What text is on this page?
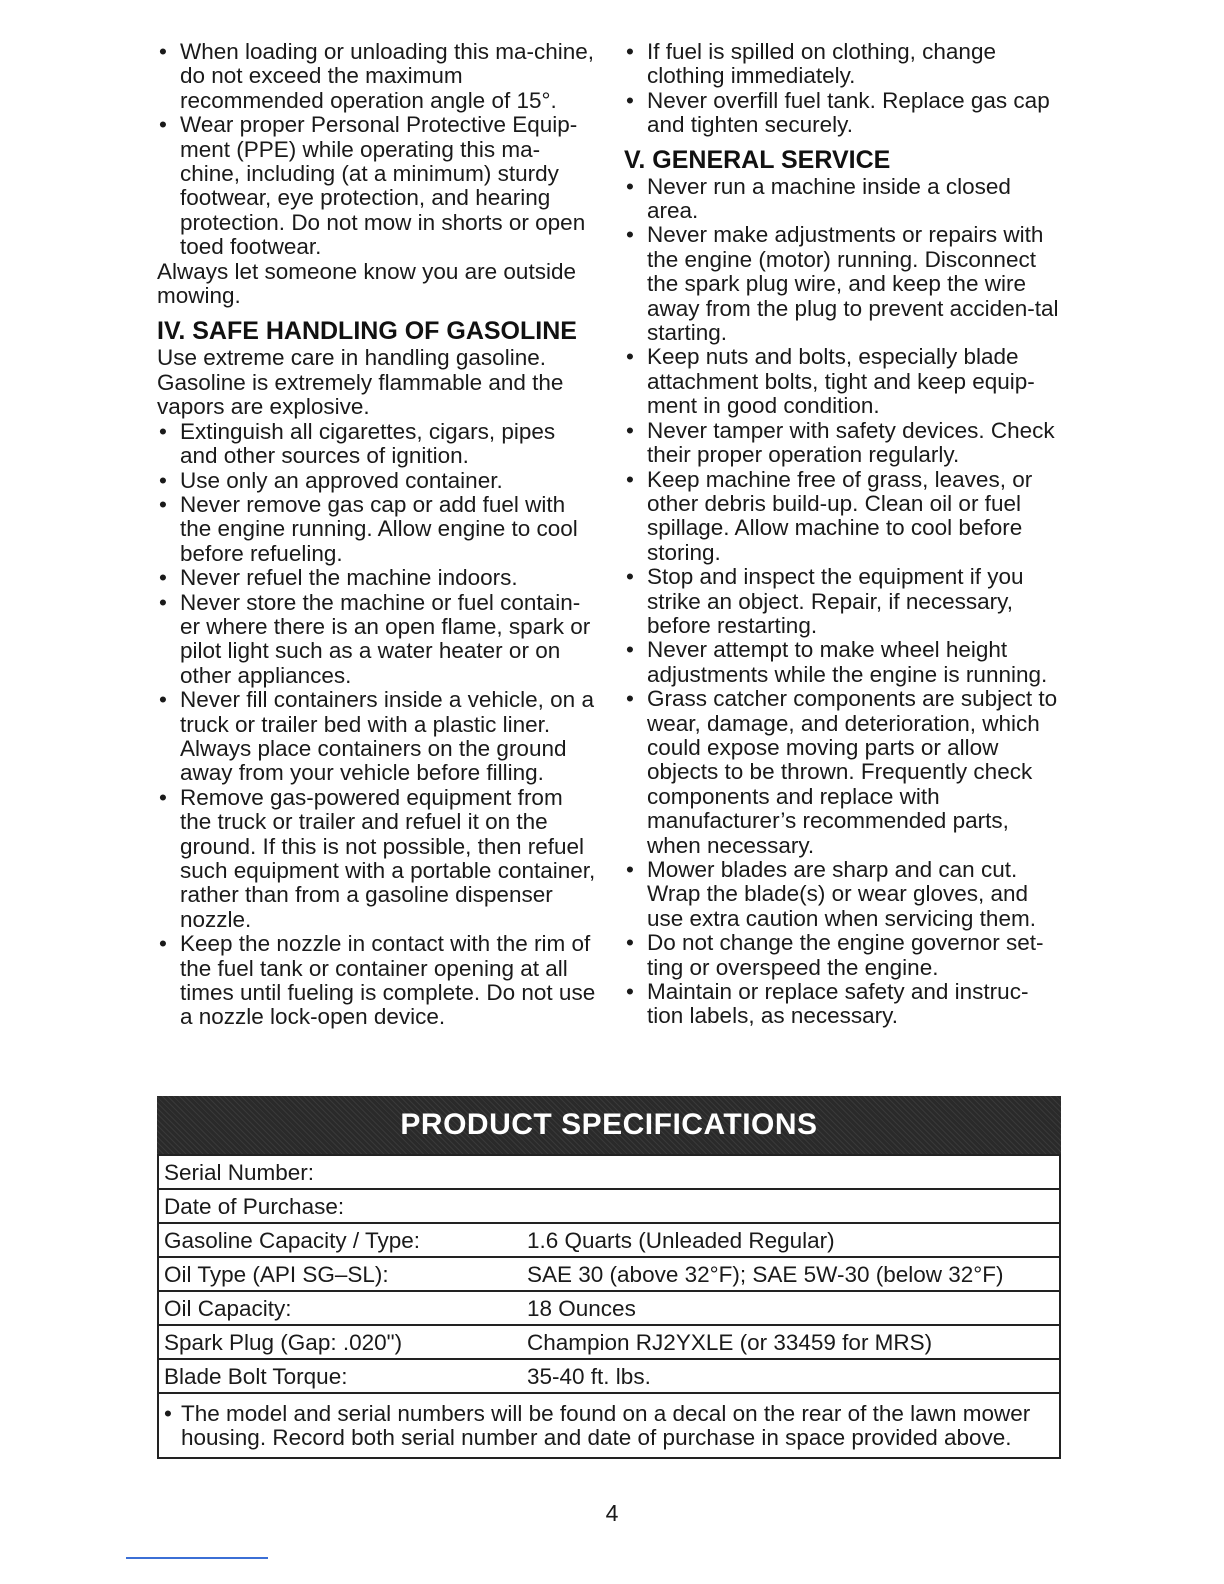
• When loading or unloading this ma-chine, do not exceed the maximum recommended operation angle of 15°.
• Wear proper Personal Protective Equip-ment (PPE) while operating this ma-chine, including (at a minimum) sturdy footwear, eye protection, and hearing protection. Do not mow in shorts or open toed footwear.

Always let someone know you are outside mowing.

IV. SAFE HANDLING OF GASOLINE

Use extreme care in handling gasoline. Gasoline is extremely flammable and the vapors are explosive.

• Extinguish all cigarettes, cigars, pipes and other sources of ignition.
• Use only an approved container.
• Never remove gas cap or add fuel with the engine running. Allow engine to cool before refueling.
• Never refuel the machine indoors.
• Never store the machine or fuel contain-er where there is an open flame, spark or pilot light such as a water heater or on other appliances.
• Never fill containers inside a vehicle, on a truck or trailer bed with a plastic liner. Always place containers on the ground away from your vehicle before filling.
• Remove gas-powered equipment from the truck or trailer and refuel it on the ground. If this is not possible, then refuel such equipment with a portable container, rather than from a gasoline dispenser nozzle.
• Keep the nozzle in contact with the rim of the fuel tank or container opening at all times until fueling is complete. Do not use a nozzle lock-open device.
• If fuel is spilled on clothing, change clothing immediately.
• Never overfill fuel tank. Replace gas cap and tighten securely.
V. GENERAL SERVICE
• Never run a machine inside a closed area.
• Never make adjustments or repairs with the engine (motor) running. Disconnect the spark plug wire, and keep the wire away from the plug to prevent acciden-tal starting.
• Keep nuts and bolts, especially blade attachment bolts, tight and keep equip-ment in good condition.
• Never tamper with safety devices. Check their proper operation regularly.
• Keep machine free of grass, leaves, or other debris build-up. Clean oil or fuel spillage. Allow machine to cool before storing.
• Stop and inspect the equipment if you strike an object. Repair, if necessary, before restarting.
• Never attempt to make wheel height adjustments while the engine is running.
• Grass catcher components are subject to wear, damage, and deterioration, which could expose moving parts or allow objects to be thrown. Frequently check components and replace with manufacturer’s recommended parts, when necessary.
• Mower blades are sharp and can cut. Wrap the blade(s) or wear gloves, and use extra caution when servicing them.
• Do not change the engine governor set-ting or overspeed the engine.
• Maintain or replace safety and instruc-tion labels, as necessary.
PRODUCT SPECIFICATIONS
Serial Number:	
Date of Purchase:	
Gasoline Capacity / Type:	1.6 Quarts (Unleaded Regular)
Oil Type (API SG–SL):	SAE 30 (above 32°F); SAE 5W-30 (below 32°F)
Oil Capacity:	18 Ounces
Spark Plug (Gap: .020")	Champion RJ2YXLE (or 33459 for MRS)
Blade Bolt Torque:	35-40 ft. lbs.
• The model and serial numbers will be found on a decal on the rear of the lawn mower housing. Record both serial number and date of purchase in space provided above.
4
